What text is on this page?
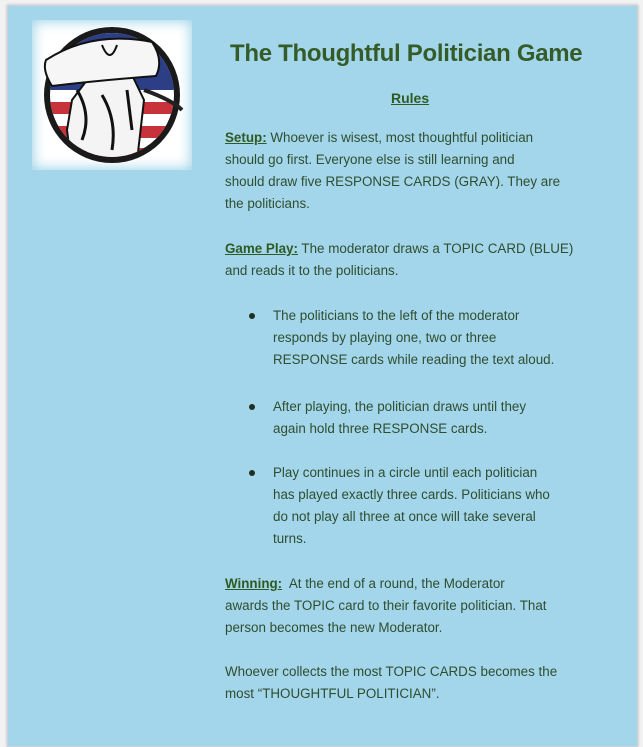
The Thoughtful Politician Game
Rules
Setup: Whoever is wisest, most thoughtful politician
should go first. Everyone else is still learning and
should draw five RESPONSE CARDS (GRAY). They are
the politicians.
Game Play: The moderator draws a TOPIC CARD (BLUE)
and reads it to the politicians.
The politicians to the left of the moderator
responds by playing one, two or three
RESPONSE cards while reading the text aloud.
After playing, the politician draws until they
again hold three RESPONSE cards.
Play continues in a circle until each politician
has played exactly three cards. Politicians who
do not play all three at once will take several
turns.
Winning:  At the end of a round, the Moderator
awards the TOPIC card to their favorite politician. That
person becomes the new Moderator.
Whoever collects the most TOPIC CARDS becomes the
most “THOUGHTFUL POLITICIAN”.
